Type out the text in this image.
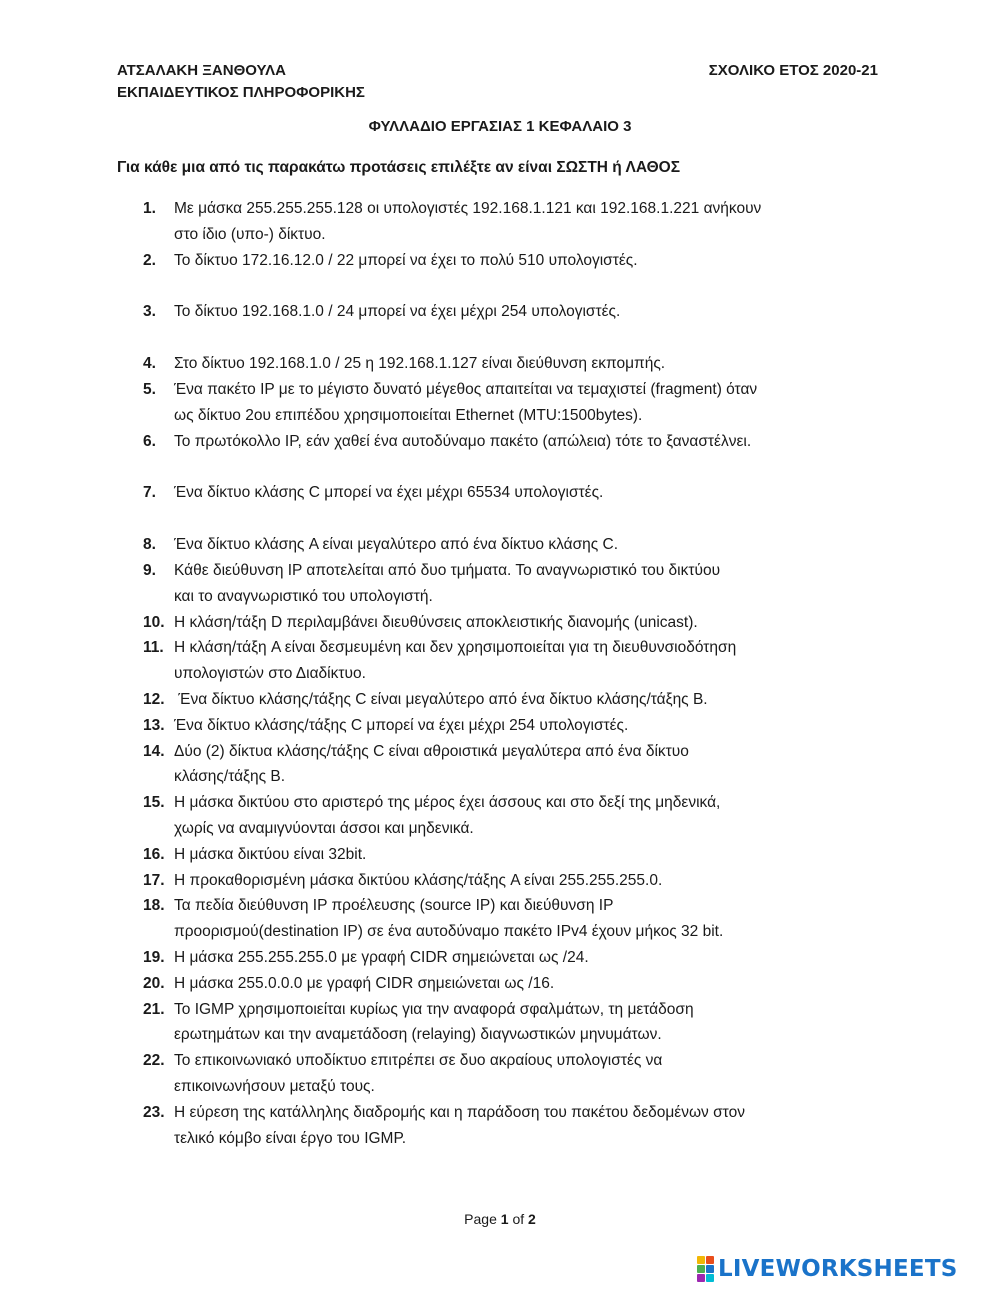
ΑΤΣΑΛΑΚΗ ΞΑΝΘΟΥΛΑ
ΕΚΠΑΙΔΕΥΤΙΚΟΣ ΠΛΗΡΟΦΟΡΙΚΗΣ
ΣΧΟΛΙΚΟ ΕΤΟΣ 2020-21
ΦΥΛΛΑΔΙΟ ΕΡΓΑΣΙΑΣ 1 ΚΕΦΑΛΑΙΟ 3
Για κάθε μια από τις παρακάτω προτάσεις επιλέξτε αν είναι ΣΩΣΤΗ ή ΛΑΘΟΣ
1.	Με μάσκα 255.255.255.128 οι υπολογιστές 192.168.1.121 και 192.168.1.221 ανήκουν
στο ίδιο (υπο-) δίκτυο.
2.	Το δίκτυο 172.16.12.0 / 22 μπορεί να έχει το πολύ 510 υπολογιστές.
3.	Το δίκτυο 192.168.1.0 / 24 μπορεί να έχει μέχρι 254 υπολογιστές.
4.	Στο δίκτυο 192.168.1.0 / 25 η 192.168.1.127 είναι διεύθυνση εκπομπής.
5.	Ένα πακέτο IP με το μέγιστο δυνατό μέγεθος απαιτείται να τεμαχιστεί (fragment) όταν
ως δίκτυο 2ου επιπέδου χρησιμοποιείται Ethernet (MTU:1500bytes).
6.	Το πρωτόκολλο IP, εάν χαθεί ένα αυτοδύναμο πακέτο (απώλεια) τότε το ξαναστέλνει.
7.	Ένα δίκτυο κλάσης C μπορεί να έχει μέχρι 65534 υπολογιστές.
8.	Ένα δίκτυο κλάσης A είναι μεγαλύτερο από ένα δίκτυο κλάσης C.
9.	Κάθε διεύθυνση IP αποτελείται από δυο τμήματα. Το αναγνωριστικό του δικτύου
και το αναγνωριστικό του υπολογιστή.
10. Η κλάση/τάξη D περιλαμβάνει διευθύνσεις αποκλειστικής διανομής (unicast).
11. Η κλάση/τάξη A είναι δεσμευμένη και δεν χρησιμοποιείται για τη διευθυνσιοδότηση
υπολογιστών στο Διαδίκτυο.
12. Ένα δίκτυο κλάσης/τάξης C είναι μεγαλύτερο από ένα δίκτυο κλάσης/τάξης Β.
13. Ένα δίκτυο κλάσης/τάξης C μπορεί να έχει μέχρι 254 υπολογιστές.
14. Δύο (2) δίκτυα κλάσης/τάξης C είναι αθροιστικά μεγαλύτερα από ένα δίκτυο
κλάσης/τάξης Β.
15. Η μάσκα δικτύου στο αριστερό της μέρος έχει άσσους και στο δεξί της μηδενικά,
χωρίς να αναμιγνύονται άσσοι και μηδενικά.
16. Η μάσκα δικτύου είναι 32bit.
17. Η προκαθορισμένη μάσκα δικτύου κλάσης/τάξης A είναι 255.255.255.0.
18. Τα πεδία διεύθυνση IP προέλευσης (source IP) και διεύθυνση IP
προορισμού(destination IP) σε ένα αυτοδύναμο πακέτο IPv4 έχουν μήκος 32 bit.
19. Η μάσκα 255.255.255.0 με γραφή CIDR σημειώνεται ως /24.
20. Η μάσκα 255.0.0.0 με γραφή CIDR σημειώνεται ως /16.
21. Το IGMP χρησιμοποιείται κυρίως για την αναφορά σφαλμάτων, τη μετάδοση
ερωτημάτων και την αναμετάδοση (relaying) διαγνωστικών μηνυμάτων.
22. Το επικοινωνιακό υποδίκτυο επιτρέπει σε δυο ακραίους υπολογιστές να
επικοινωνήσουν μεταξύ τους.
23. Η εύρεση της κατάλληλης διαδρομής και η παράδοση του πακέτου δεδομένων στον
τελικό κόμβο είναι έργο του IGMP.
Page 1 of 2
LIVEWORKSHEETS
